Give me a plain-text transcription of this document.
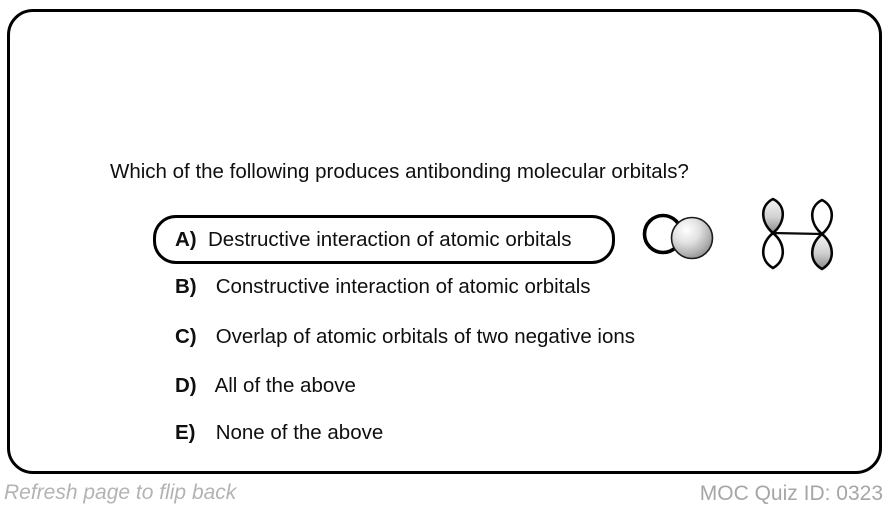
Which of the following produces antibonding molecular orbitals?
A) Destructive interaction of atomic orbitals
B) Constructive interaction of atomic orbitals
C) Overlap of atomic orbitals of two negative ions
D) All of the above
E) None of the above
Refresh page to flip back	MOC Quiz ID: 0323
